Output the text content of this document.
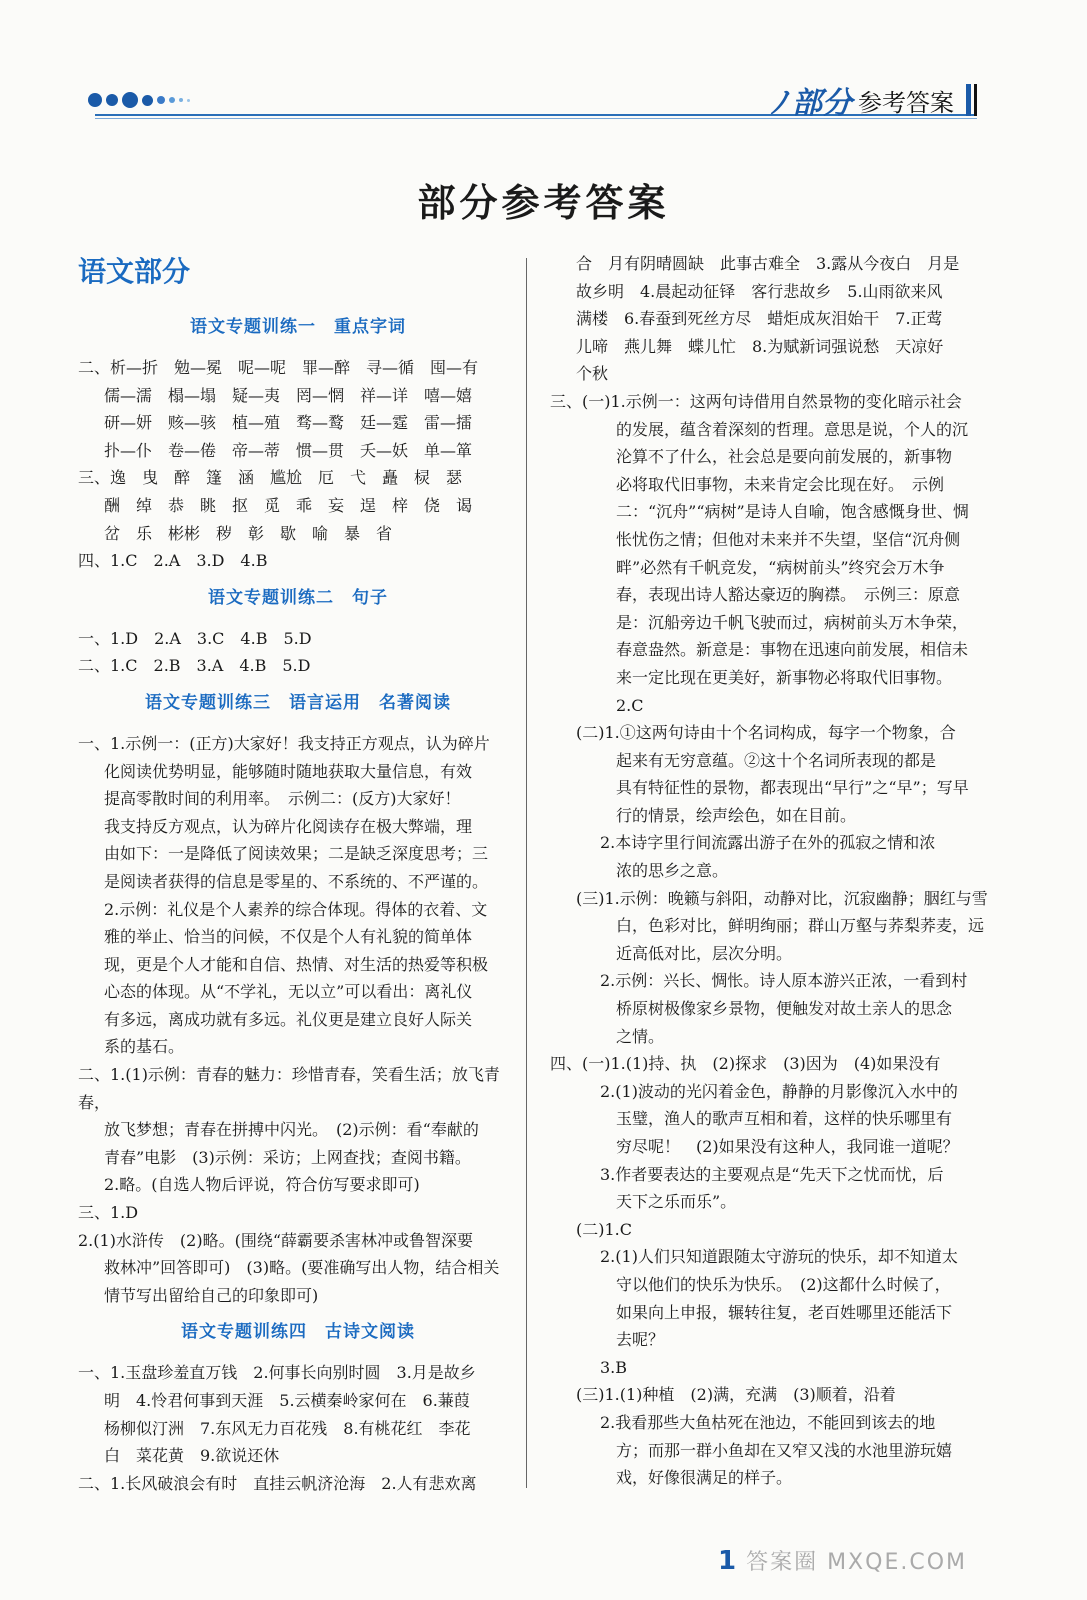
ﾉ 部分 参考答案
部分参考答案
语文部分
语文专题训练一　重点字词

二、析—折　勉—冕　呢—呢　罪—醉　寻—循　囤—有

儒—濡　榻—塌　疑—夷　罔—惘　祥—详　嘻—嬉

研—妍　赅—骇　植—殖　骛—鹜　廷—霆　雷—擂

扑—仆　卷—倦　帝—蒂　惯—贯　夭—妖　单—箪

三、逸　曳　醉　篷　涵　尴尬　厄　弋　矗　棂　瑟

酬　绰　恭　眺　抠　觅　乖　妄　逞　梓　侥　谒

岔　乐　彬彬　秽　彰　歇　喻　暴　省

四、1.C　2.A　3.D　4.B

语文专题训练二　句子

一、1.D　2.A　3.C　4.B　5.D

二、1.C　2.B　3.A　4.B　5.D

语文专题训练三　语言运用　名著阅读

一、1.示例一：(正方)大家好！我支持正方观点，认为碎片

化阅读优势明显，能够随时随地获取大量信息，有效

提高零散时间的利用率。　示例二：(反方)大家好！

我支持反方观点，认为碎片化阅读存在极大弊端，理

由如下：一是降低了阅读效果；二是缺乏深度思考；三

是阅读者获得的信息是零星的、不系统的、不严谨的。

2.示例：礼仪是个人素养的综合体现。得体的衣着、文

雅的举止、恰当的问候，不仅是个人有礼貌的简单体

现，更是个人才能和自信、热情、对生活的热爱等积极

心态的体现。从“不学礼，无以立”可以看出：离礼仪

有多远，离成功就有多远。礼仪更是建立良好人际关

系的基石。

二、1.(1)示例：青春的魅力：珍惜青春，笑看生活；放飞青春，

放飞梦想；青春在拼搏中闪光。　(2)示例：看“奉献的

青春”电影　(3)示例：采访；上网查找；查阅书籍。

2.略。(自选人物后评说，符合仿写要求即可)

三、1.D

2.(1)水浒传　(2)略。(围绕“薛霸要杀害林冲或鲁智深要

救林冲”回答即可)　(3)略。(要准确写出人物，结合相关

情节写出留给自己的印象即可)

语文专题训练四　古诗文阅读

一、1.玉盘珍羞直万钱　2.何事长向别时圆　3.月是故乡

明　4.怜君何事到天涯　5.云横秦岭家何在　6.蒹葭

杨柳似汀洲　7.东风无力百花残　8.有桃花红　李花

白　菜花黄　9.欲说还休

二、1.长风破浪会有时　直挂云帆济沧海　2.人有悲欢离

合　月有阴晴圆缺　此事古难全　3.露从今夜白　月是

故乡明　4.晨起动征铎　客行悲故乡　5.山雨欲来风

满楼　6.春蚕到死丝方尽　蜡炬成灰泪始干　7.正莺

儿啼　燕儿舞　蝶儿忙　8.为赋新词强说愁　天凉好

个秋

三、(一)1.示例一：这两句诗借用自然景物的变化暗示社会

的发展，蕴含着深刻的哲理。意思是说，个人的沉

沦算不了什么，社会总是要向前发展的，新事物

必将取代旧事物，未来肯定会比现在好。　示例

二：“沉舟”“病树”是诗人自喻，饱含感慨身世、惆

怅忧伤之情；但他对未来并不失望，坚信“沉舟侧

畔”必然有千帆竞发，“病树前头”终究会万木争

春，表现出诗人豁达豪迈的胸襟。　示例三：原意

是：沉船旁边千帆飞驶而过，病树前头万木争荣，

春意盎然。新意是：事物在迅速向前发展，相信未

来一定比现在更美好，新事物必将取代旧事物。

2.C

(二)1.①这两句诗由十个名词构成，每字一个物象，合

起来有无穷意蕴。②这十个名词所表现的都是

具有特征性的景物，都表现出“早行”之“早”；写早

行的情景，绘声绘色，如在目前。

2.本诗字里行间流露出游子在外的孤寂之情和浓

浓的思乡之意。

(三)1.示例：晚籁与斜阳，动静对比，沉寂幽静；胭红与雪

白，色彩对比，鲜明绚丽；群山万壑与荞梨荞麦，远

近高低对比，层次分明。

2.示例：兴长、惆怅。诗人原本游兴正浓，一看到村

桥原树极像家乡景物，便触发对故土亲人的思念

之情。

四、(一)1.(1)持、执　(2)探求　(3)因为　(4)如果没有

2.(1)波动的光闪着金色，静静的月影像沉入水中的

玉璧，渔人的歌声互相和着，这样的快乐哪里有

穷尽呢！　(2)如果没有这种人，我同谁一道呢？

3.作者要表达的主要观点是“先天下之忧而忧，后

天下之乐而乐”。

(二)1.C

2.(1)人们只知道跟随太守游玩的快乐，却不知道太

守以他们的快乐为快乐。　(2)这都什么时候了，

如果向上申报，辗转往复，老百姓哪里还能活下

去呢？

3.B

(三)1.(1)种植　(2)满，充满　(3)顺着，沿着

2.我看那些大鱼枯死在池边，不能回到该去的地

方；而那一群小鱼却在又窄又浅的水池里游玩嬉

戏，好像很满足的样子。

1 答案圈 MXQE.COM
